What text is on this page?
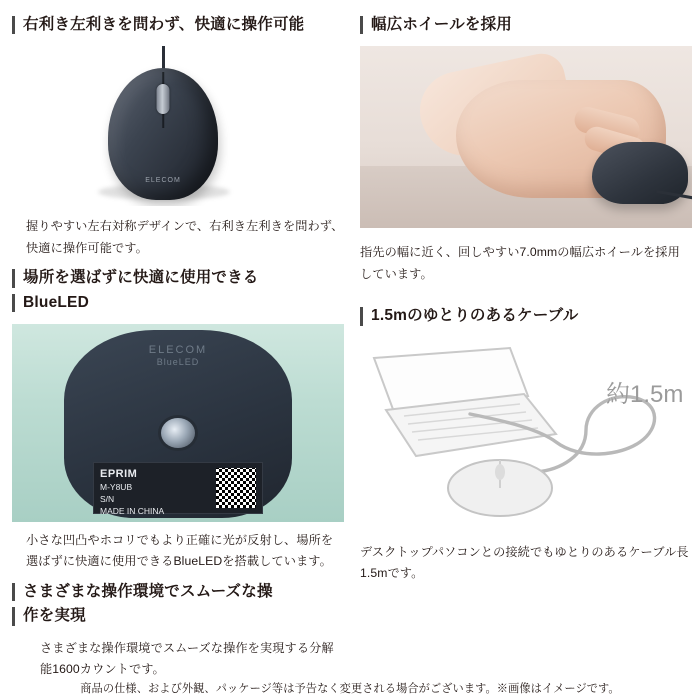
右利き左利きを問わず、快適に操作可能
ELECOM

握りやすい左右対称デザインで、右利き左利きを問わず、快適に操作可能です。

場所を選ばずに快適に使用できる
BlueLED
ELECOM
BlueLED
EPRIM
M-Y8UB
S/N
MADE IN CHINA

小さな凹凸やホコリでもより正確に光が反射し、場所を選ばずに快適に使用できるBlueLEDを搭載しています。

さまざまな操作環境でスムーズな操
作を実現

さまざまな操作環境でスムーズな操作を実現する分解能1600カウントです。

幅広ホイールを採用

指先の幅に近く、回しやすい7.0mmの幅広ホイールを採用しています。

1.5mのゆとりのあるケーブル
約1.5m

デスクトップパソコンとの接続でもゆとりのあるケーブル長1.5mです。

商品の仕様、および外観、パッケージ等は予告なく変更される場合がございます。※画像はイメージです。
